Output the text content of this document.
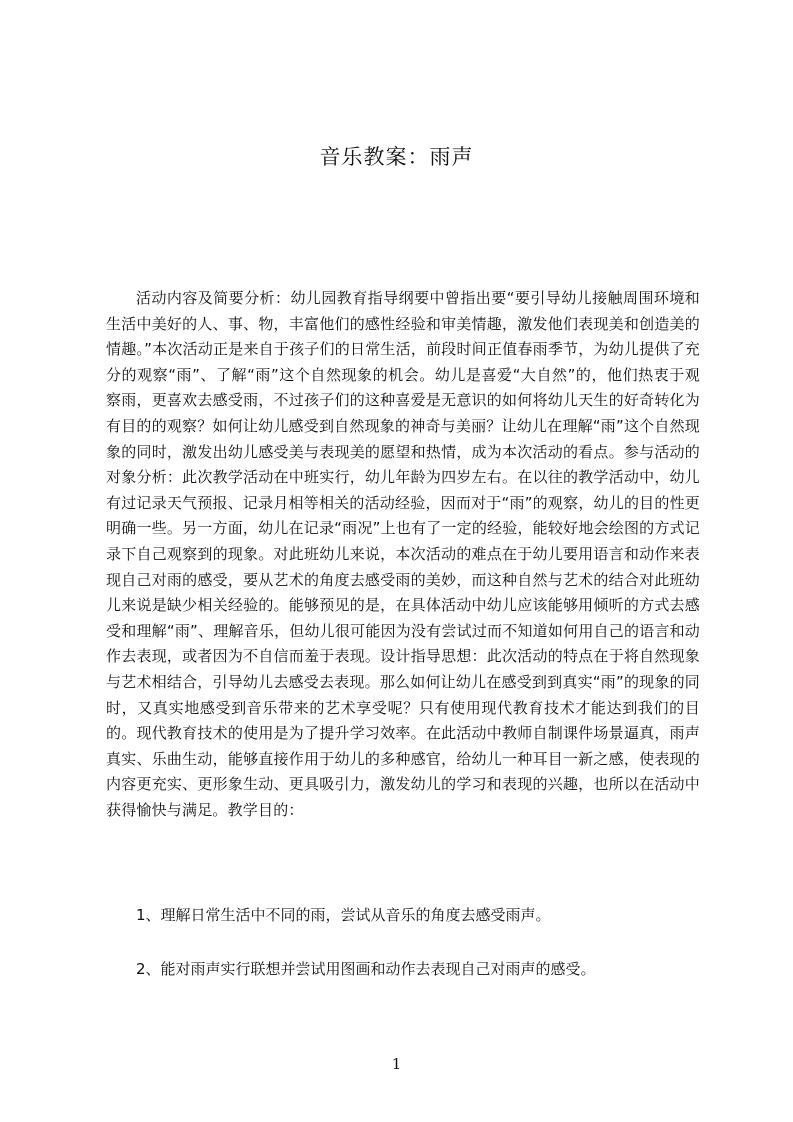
音乐教案：雨声

活动内容及简要分析：幼儿园教育指导纲要中曾指出要“要引导幼儿接触周围环境和生活中美好的人、事、物，丰富他们的感性经验和审美情趣，激发他们表现美和创造美的情趣。”本次活动正是来自于孩子们的日常生活，前段时间正值春雨季节，为幼儿提供了充分的观察“雨”、了解“雨”这个自然现象的机会。幼儿是喜爱“大自然”的，他们热衷于观察雨，更喜欢去感受雨，不过孩子们的这种喜爱是无意识的如何将幼儿天生的好奇转化为有目的的观察？如何让幼儿感受到自然现象的神奇与美丽？让幼儿在理解“雨”这个自然现象的同时，激发出幼儿感受美与表现美的愿望和热情，成为本次活动的看点。参与活动的对象分析：此次教学活动在中班实行，幼儿年龄为四岁左右。在以往的教学活动中，幼儿有过记录天气预报、记录月相等相关的活动经验，因而对于“雨”的观察，幼儿的目的性更明确一些。另一方面，幼儿在记录“雨况”上也有了一定的经验，能较好地会绘图的方式记录下自己观察到的现象。对此班幼儿来说，本次活动的难点在于幼儿要用语言和动作来表现自己对雨的感受，要从艺术的角度去感受雨的美妙，而这种自然与艺术的结合对此班幼儿来说是缺少相关经验的。能够预见的是，在具体活动中幼儿应该能够用倾听的方式去感受和理解“雨”、理解音乐，但幼儿很可能因为没有尝试过而不知道如何用自己的语言和动作去表现，或者因为不自信而羞于表现。设计指导思想：此次活动的特点在于将自然现象与艺术相结合，引导幼儿去感受去表现。那么如何让幼儿在感受到到真实“雨”的现象的同时，又真实地感受到音乐带来的艺术享受呢？只有使用现代教育技术才能达到我们的目的。现代教育技术的使用是为了提升学习效率。在此活动中教师自制课件场景逼真，雨声真实、乐曲生动，能够直接作用于幼儿的多种感官，给幼儿一种耳目一新之感，使表现的内容更充实、更形象生动、更具吸引力，激发幼儿的学习和表现的兴趣，也所以在活动中获得愉快与满足。教学目的：

1、理解日常生活中不同的雨，尝试从音乐的角度去感受雨声。

2、能对雨声实行联想并尝试用图画和动作去表现自己对雨声的感受。

1
